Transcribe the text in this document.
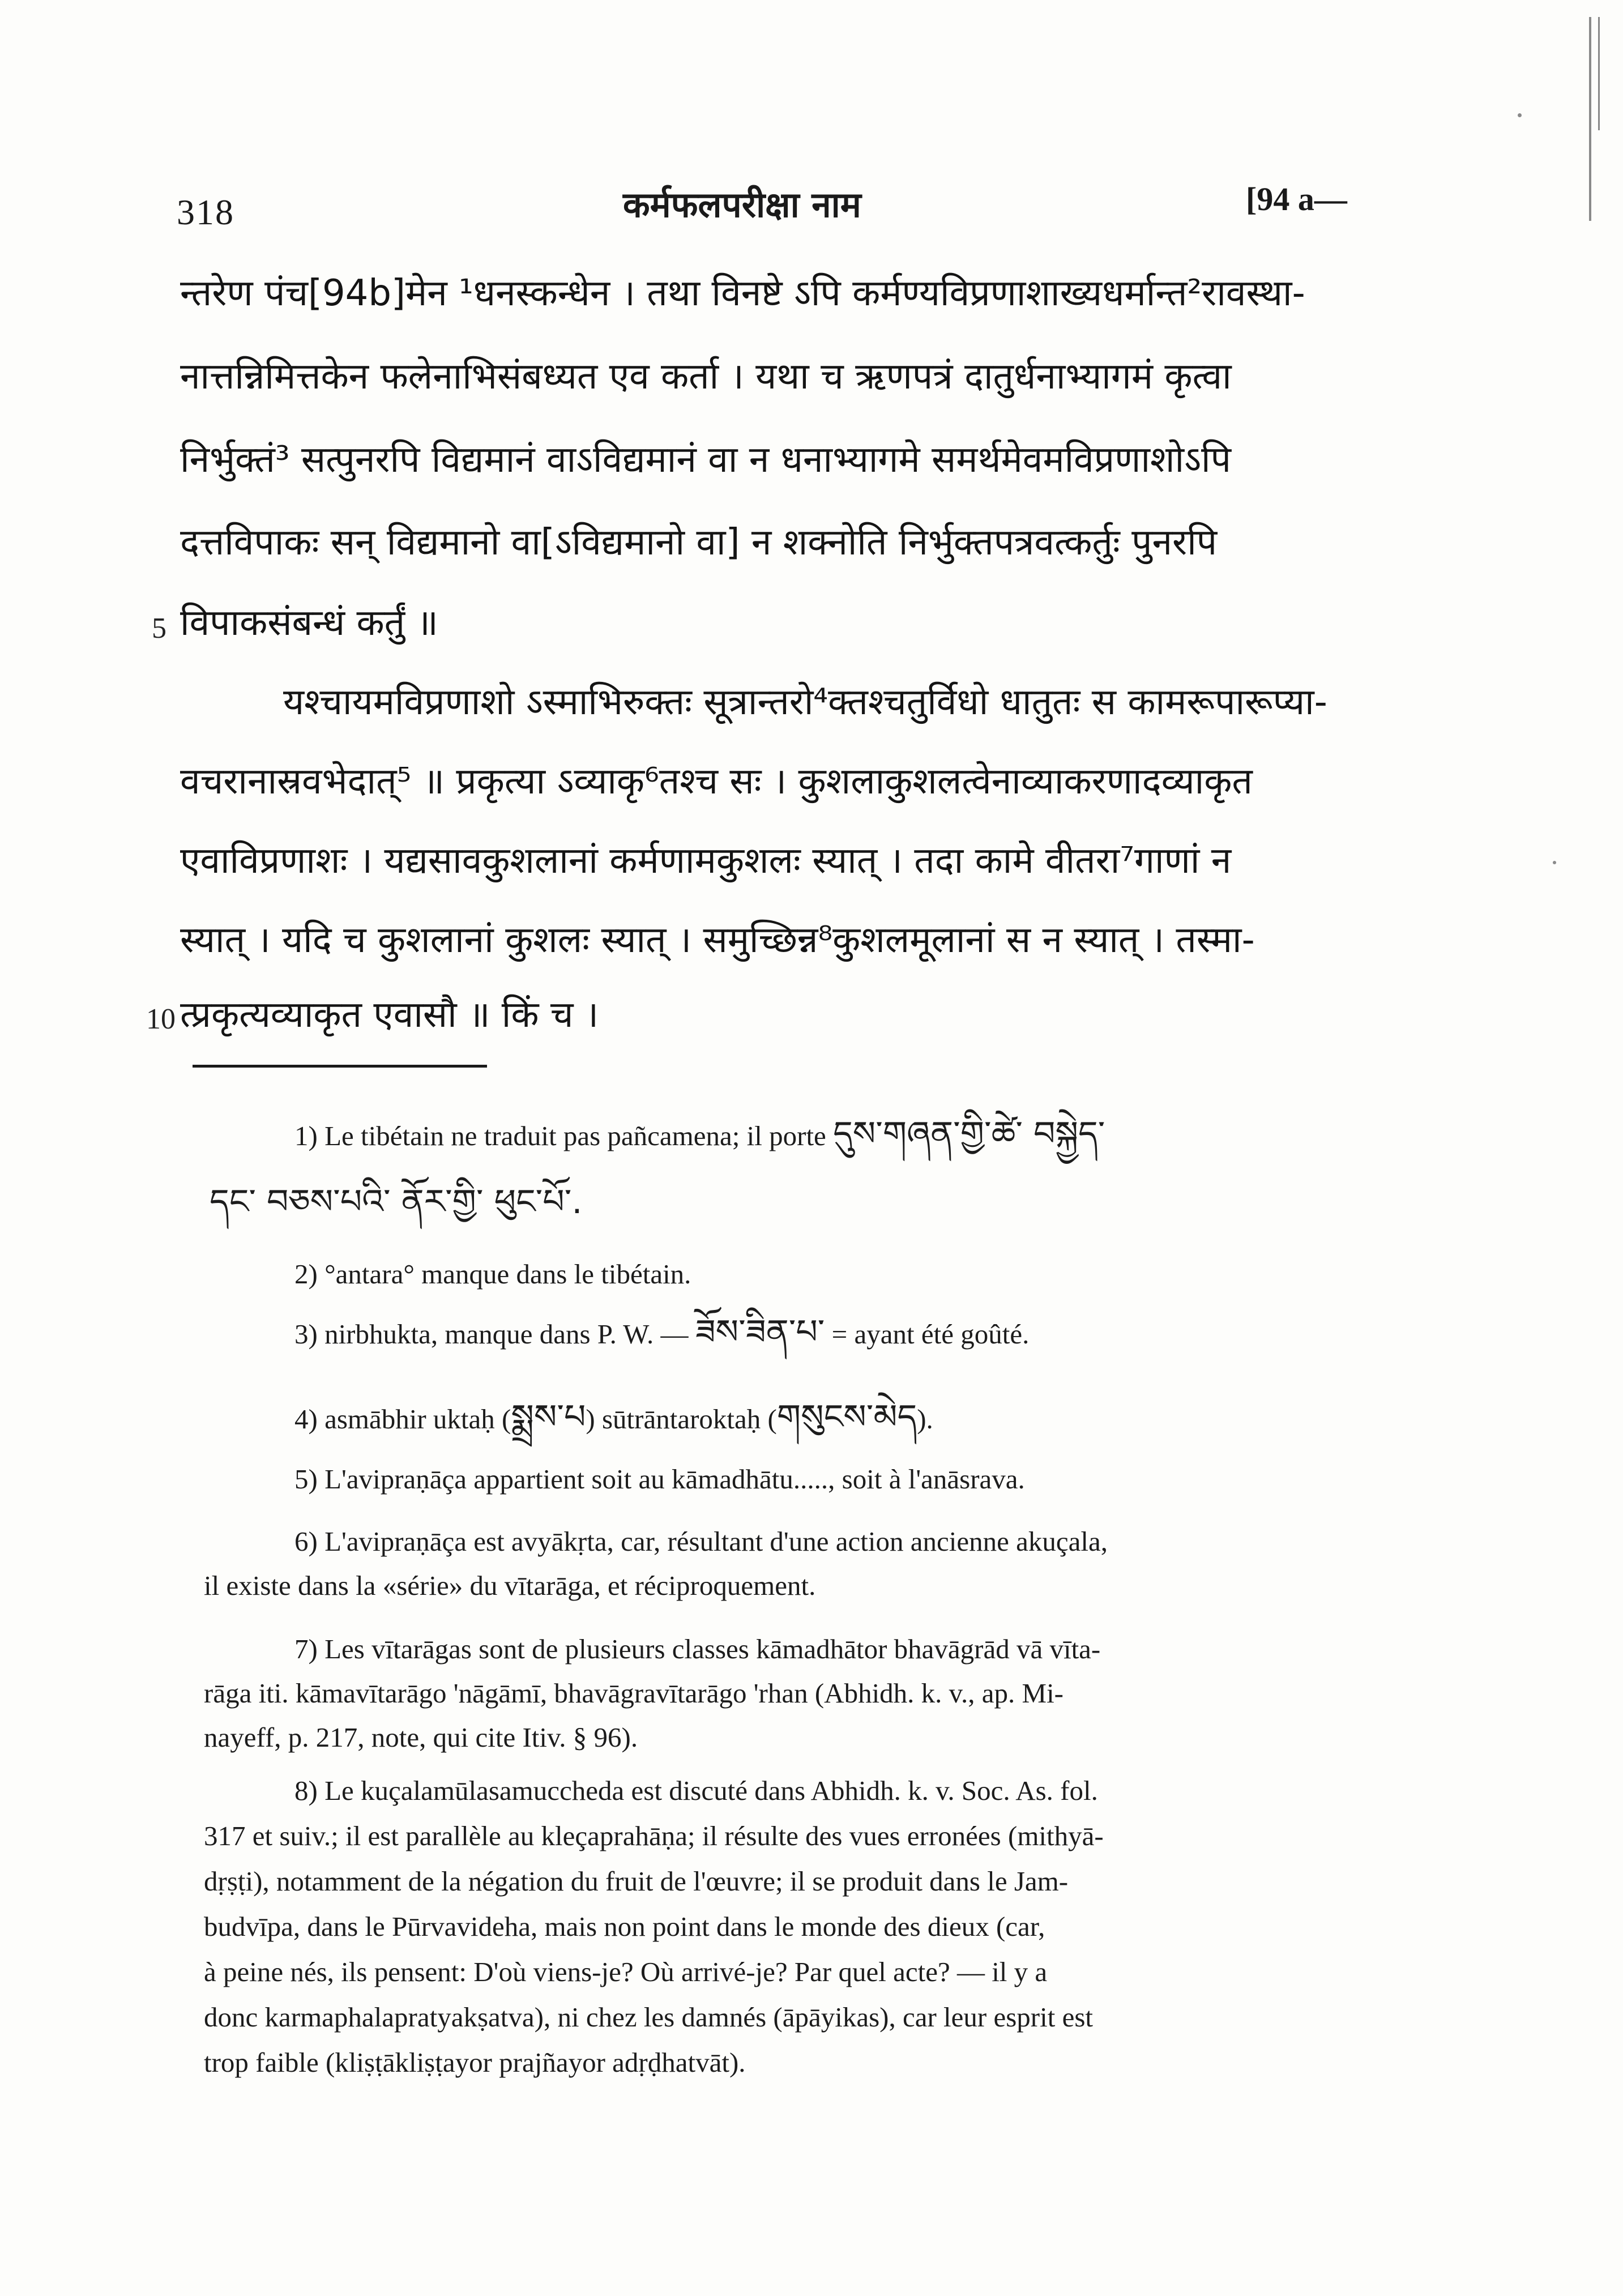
318	कर्मफलपरीक्षा नाम	[94 a—
न्तरेण पंच[94b]मेन ¹धनस्कन्धेन । तथा विनष्टे ऽपि कर्मण्यविप्रणाशाख्यधर्मान्त²रावस्था-
नात्तन्निमित्तकेन फलेनाभिसंबध्यत एव कर्ता । यथा च ऋणपत्रं दातुर्धनाभ्यागमं कृत्वा
निर्भुक्तं³ सत्पुनरपि विद्यमानं वाऽविद्यमानं वा न धनाभ्यागमे समर्थमेवमविप्रणाशोऽपि
दत्तविपाकः सन् विद्यमानो वा[ऽविद्यमानो वा] न शक्नोति निर्भुक्तपत्रवत्कर्तुः पुनरपि
5 विपाकसंबन्धं कर्तुं ॥
यश्चायमविप्रणाशो ऽस्माभिरुक्तः सूत्रान्तरो⁴क्तश्चतुर्विधो धातुतः स कामरूपारूप्या-
वचरानास्रवभेदात्⁵ ॥ प्रकृत्या ऽव्याकृ⁶तश्च सः । कुशलाकुशलत्वेनाव्याकरणादव्याकृत
एवाविप्रणाशः । यद्यसावकुशलानां कर्मणामकुशलः स्यात् । तदा कामे वीतरा⁷गाणां न
स्यात् । यदि च कुशलानां कुशलः स्यात् । समुच्छिन्न⁸कुशलमूलानां स न स्यात् । तस्मा-
10 त्प्रकृत्यव्याकृत एवासौ ॥ किं च ।
1) Le tibétain ne traduit pas pañcamena; il porte དུས་གཞན་གྱི་ཚེ་ བསྐྱེད་
དང་ བཅས་པའི་ ནོར་གྱི་ ཕུང་པོ་.
2) °antara° manque dans le tibétain.
3) nirbhukta, manque dans P. W. — ཟོས་ཟིན་པ་ = ayant été goûté.
4) asmābhir uktaḥ (སྨྲས་པ) sūtrāntaroktaḥ (གསུངས་མེད).
5) L'avipraṇāça appartient soit au kāmadhātu....., soit à l'anāsrava.
6) L'avipraṇāça est avyākṛta, car, résultant d'une action ancienne akuçala,
il existe dans la «série» du vītarāga, et réciproquement.
7) Les vītarāgas sont de plusieurs classes kāmadhātor bhavāgrād vā vīta-
rāga iti. kāmavītarāgo 'nāgāmī, bhavāgravītarāgo 'rhan (Abhidh. k. v., ap. Mi-
nayeff, p. 217, note, qui cite Itiv. § 96).
8) Le kuçalamūlasamuccheda est discuté dans Abhidh. k. v. Soc. As. fol.
317 et suiv.; il est parallèle au kleçaprahāṇa; il résulte des vues erronées (mithyā-
dṛṣṭi), notamment de la négation du fruit de l'œuvre; il se produit dans le Jam-
budvīpa, dans le Pūrvavideha, mais non point dans le monde des dieux (car,
à peine nés, ils pensent: D'où viens-je? Où arrivé-je? Par quel acte? — il y a
donc karmaphalapratyakṣatva), ni chez les damnés (āpāyikas), car leur esprit est
trop faible (kliṣṭākliṣṭayor prajñayor adṛḍhatvāt).
